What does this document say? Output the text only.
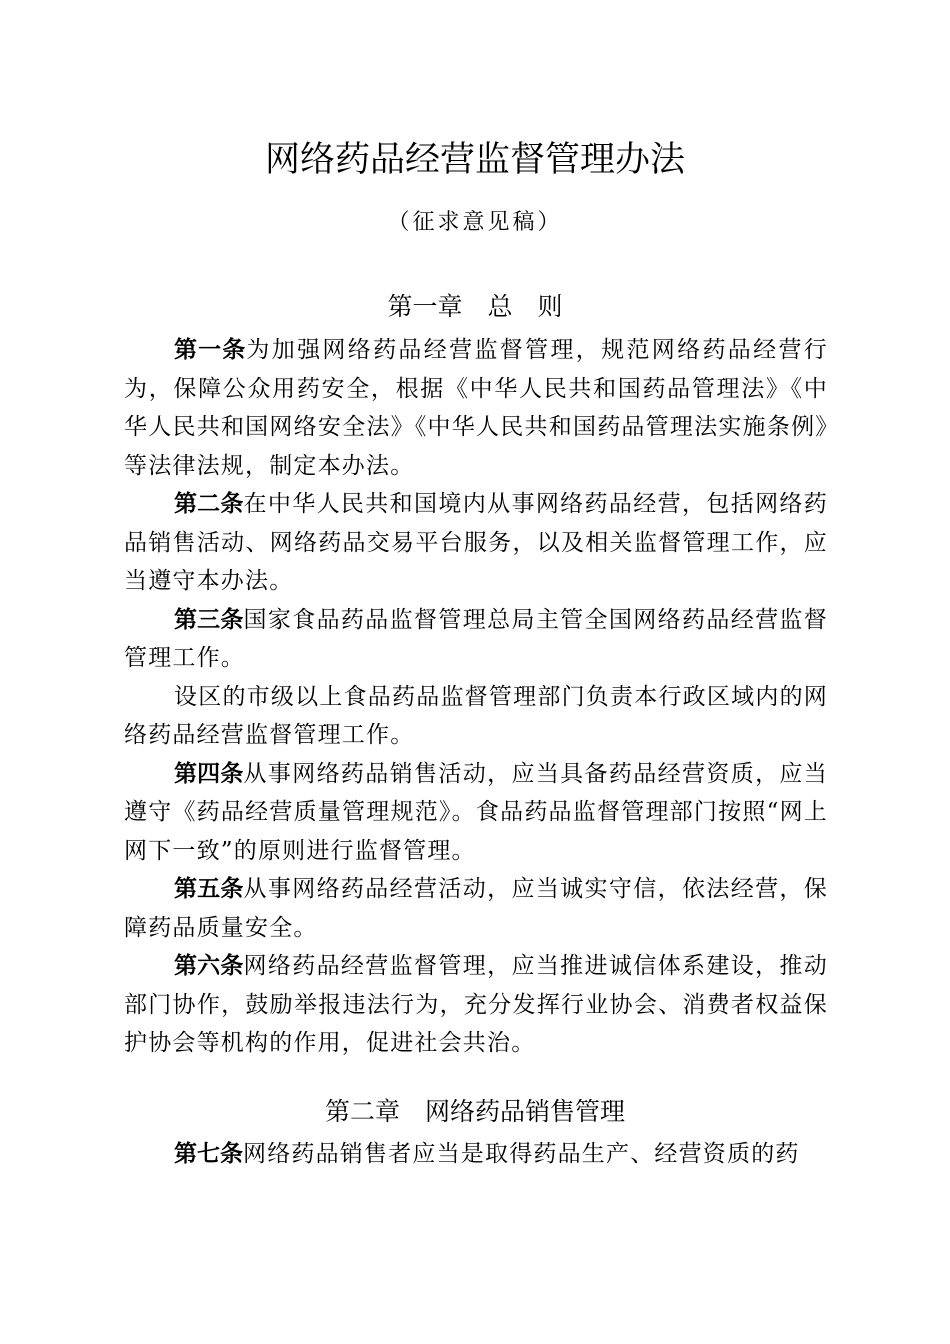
网络药品经营监督管理办法
（征求意见稿）
第一章　总　则

第一条为加强网络药品经营监督管理，规范网络药品经营行为，保障公众用药安全，根据《中华人民共和国药品管理法》《中华人民共和国网络安全法》《中华人民共和国药品管理法实施条例》等法律法规，制定本办法。

第二条在中华人民共和国境内从事网络药品经营，包括网络药品销售活动、网络药品交易平台服务，以及相关监督管理工作，应当遵守本办法。

第三条国家食品药品监督管理总局主管全国网络药品经营监督管理工作。

设区的市级以上食品药品监督管理部门负责本行政区域内的网络药品经营监督管理工作。

第四条从事网络药品销售活动，应当具备药品经营资质，应当遵守《药品经营质量管理规范》。食品药品监督管理部门按照“网上网下一致”的原则进行监督管理。

第五条从事网络药品经营活动，应当诚实守信，依法经营，保障药品质量安全。

第六条网络药品经营监督管理，应当推进诚信体系建设，推动部门协作，鼓励举报违法行为，充分发挥行业协会、消费者权益保护协会等机构的作用，促进社会共治。

第二章　网络药品销售管理

第七条网络药品销售者应当是取得药品生产、经营资质的药
